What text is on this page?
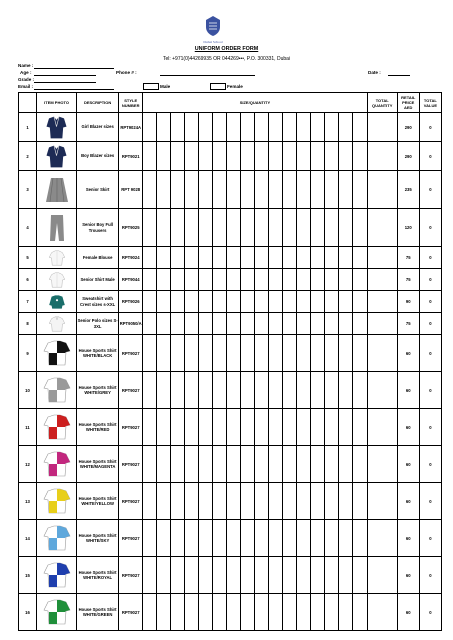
Dubai School
UNIFORM ORDER FORM
Tel: +971(0)44269935 OR 044269•••, P.O. 300331, Dubai
Name :
Age :
Grade :
Email :
Phone # :	Date :
Male	Female
	ITEM PHOTO	DESCRIPTION	STYLE NUMBER	SIZE/QUANTITY																TOTAL QUANTITY	RETAIL PRICE AED	TOTAL VALUE
1		Girl Blazer sizes	RPT9024A																		290	0
2		Boy Blazer sizes	RPT9021																		290	0
3		Senior Skirt	RPT 9028																		235	0
4		Senior Boy Full Trousers	RPT9025																		120	0
5		Female Blouse	RPT9024																		75	0
6		Senior Shirt Male	RPT9044																		75	0
7		Sweatshirt with Crest sizes s-XXL	RPT9026																		90	0
8		Senior Polo sizes S-3XL	RPT9050/A																		75	0
9		House Sports Shirt WHITE/BLACK	RPT9027																		60	0
10		House Sports Shirt WHITE/GREY	RPT9027																		60	0
11		House Sports Shirt WHITE/RED	RPT9027																		60	0
12		House Sports Shirt WHITE/MAGENTA	RPT9027																		60	0
13		House Sports Shirt WHITE/YELLOW	RPT9027																		60	0
14		House Sports Shirt WHITE/SKY	RPT9027																		60	0
15		House Sports Shirt WHITE/ROYAL	RPT9027																		60	0
16		House Sports Shirt WHITE/GREEN	RPT9027																		60	0
